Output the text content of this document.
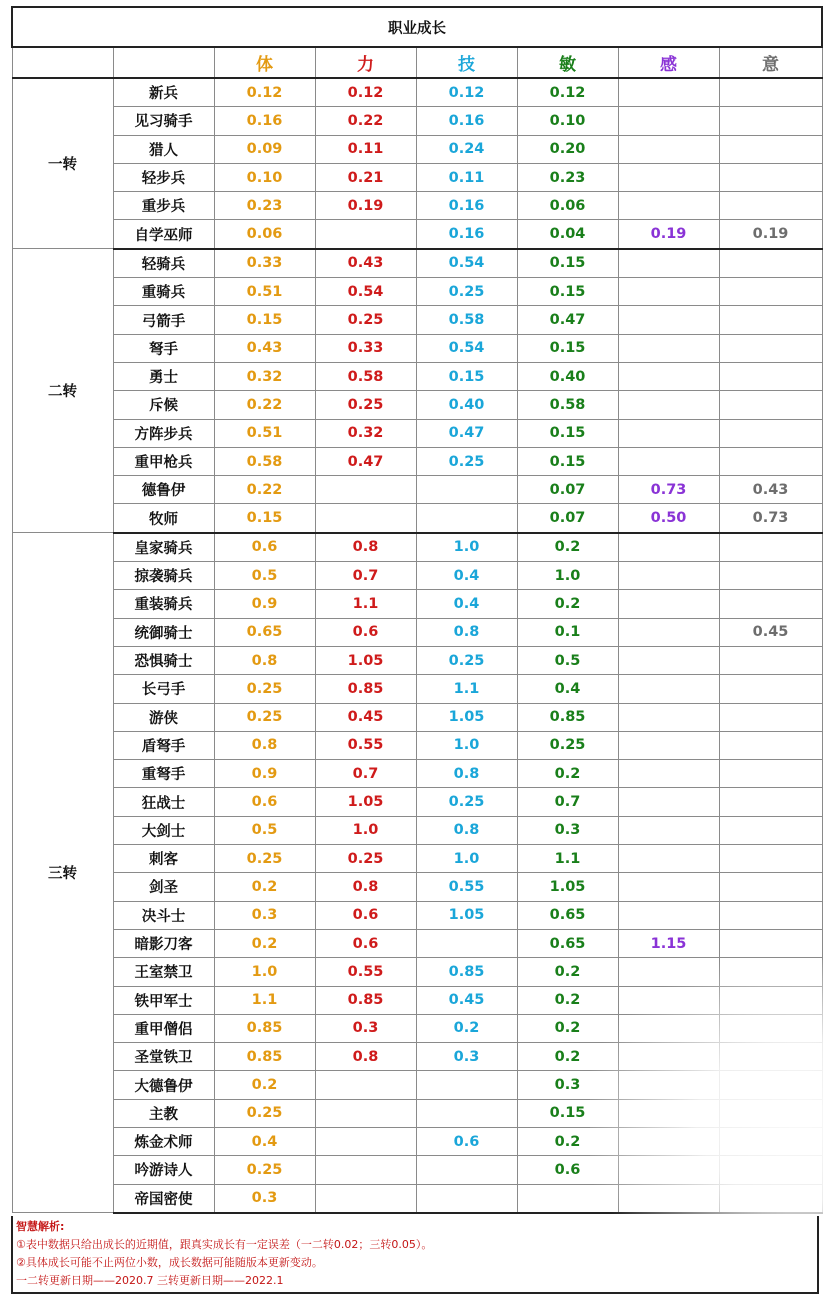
职业成长							
		体	力	技	敏	感	意
一转	新兵	0.12	0.12	0.12	0.12		
	见习骑手	0.16	0.22	0.16	0.10		
	猎人	0.09	0.11	0.24	0.20		
	轻步兵	0.10	0.21	0.11	0.23		
	重步兵	0.23	0.19	0.16	0.06		
	自学巫师	0.06		0.16	0.04	0.19	0.19
二转	轻骑兵	0.33	0.43	0.54	0.15		
	重骑兵	0.51	0.54	0.25	0.15		
	弓箭手	0.15	0.25	0.58	0.47		
	弩手	0.43	0.33	0.54	0.15		
	勇士	0.32	0.58	0.15	0.40		
	斥候	0.22	0.25	0.40	0.58		
	方阵步兵	0.51	0.32	0.47	0.15		
	重甲枪兵	0.58	0.47	0.25	0.15		
	德鲁伊	0.22			0.07	0.73	0.43
	牧师	0.15			0.07	0.50	0.73
三转	皇家骑兵	0.6	0.8	1.0	0.2		
	掠袭骑兵	0.5	0.7	0.4	1.0		
	重装骑兵	0.9	1.1	0.4	0.2		
	统御骑士	0.65	0.6	0.8	0.1		0.45
	恐惧骑士	0.8	1.05	0.25	0.5		
	长弓手	0.25	0.85	1.1	0.4		
	游侠	0.25	0.45	1.05	0.85		
	盾弩手	0.8	0.55	1.0	0.25		
	重弩手	0.9	0.7	0.8	0.2		
	狂战士	0.6	1.05	0.25	0.7		
	大剑士	0.5	1.0	0.8	0.3		
	刺客	0.25	0.25	1.0	1.1		
	剑圣	0.2	0.8	0.55	1.05		
	决斗士	0.3	0.6	1.05	0.65		
	暗影刀客	0.2	0.6		0.65	1.15	
	王室禁卫	1.0	0.55	0.85	0.2		
	铁甲军士	1.1	0.85	0.45	0.2		
	重甲僧侣	0.85	0.3	0.2	0.2		
	圣堂铁卫	0.85	0.8	0.3	0.2		
	大德鲁伊	0.2			0.3		
	主教	0.25			0.15		
	炼金术师	0.4		0.6	0.2		
	吟游诗人	0.25			0.6		
	帝国密使	0.3					
智慧解析:
①表中数据只给出成长的近期值，跟真实成长有一定误差（一二转0.02；三转0.05）。
②具体成长可能不止两位小数，成长数据可能随版本更新变动。
一二转更新日期——2020.7 三转更新日期——2022.1
